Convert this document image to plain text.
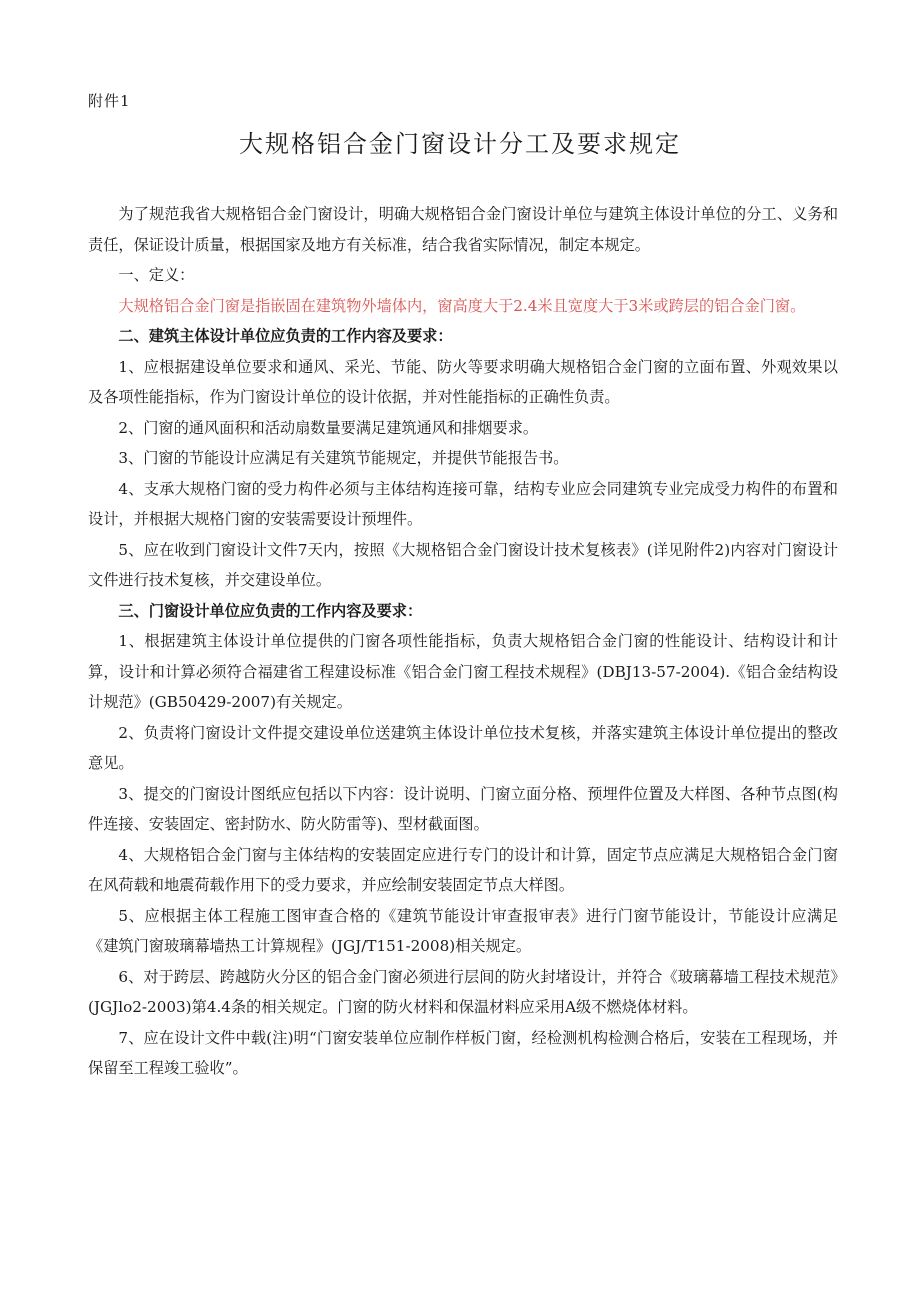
附件1
大规格铝合金门窗设计分工及要求规定

为了规范我省大规格铝合金门窗设计，明确大规格铝合金门窗设计单位与建筑主体设计单位的分工、义务和责任，保证设计质量，根据国家及地方有关标准，结合我省实际情况，制定本规定。

一、定义：

大规格铝合金门窗是指嵌固在建筑物外墙体内，窗高度大于2.4米且宽度大于3米或跨层的铝合金门窗。

二、建筑主体设计单位应负责的工作内容及要求：

1、应根据建设单位要求和通风、采光、节能、防火等要求明确大规格铝合金门窗的立面布置、外观效果以及各项性能指标，作为门窗设计单位的设计依据，并对性能指标的正确性负责。

2、门窗的通风面积和活动扇数量要满足建筑通风和排烟要求。

3、门窗的节能设计应满足有关建筑节能规定，并提供节能报告书。

4、支承大规格门窗的受力构件必须与主体结构连接可靠，结构专业应会同建筑专业完成受力构件的布置和设计，并根据大规格门窗的安装需要设计预埋件。

5、应在收到门窗设计文件7天内，按照《大规格铝合金门窗设计技术复核表》(详见附件2)内容对门窗设计文件进行技术复核，并交建设单位。

三、门窗设计单位应负责的工作内容及要求：

1、根据建筑主体设计单位提供的门窗各项性能指标，负责大规格铝合金门窗的性能设计、结构设计和计算，设计和计算必须符合福建省工程建设标准《铝合金门窗工程技术规程》(DBJ13-57-2004).《铝合金结构设计规范》(GB50429-2007)有关规定。

2、负责将门窗设计文件提交建设单位送建筑主体设计单位技术复核，并落实建筑主体设计单位提出的整改意见。

3、提交的门窗设计图纸应包括以下内容：设计说明、门窗立面分格、预埋件位置及大样图、各种节点图(构件连接、安装固定、密封防水、防火防雷等)、型材截面图。

4、大规格铝合金门窗与主体结构的安装固定应进行专门的设计和计算，固定节点应满足大规格铝合金门窗在风荷载和地震荷载作用下的受力要求，并应绘制安装固定节点大样图。

5、应根据主体工程施工图审查合格的《建筑节能设计审查报审表》进行门窗节能设计，节能设计应满足《建筑门窗玻璃幕墙热工计算规程》(JGJ/T151-2008)相关规定。

6、对于跨层、跨越防火分区的铝合金门窗必须进行层间的防火封堵设计，并符合《玻璃幕墙工程技术规范》(JGJlo2-2003)第4.4条的相关规定。门窗的防火材料和保温材料应采用A级不燃烧体材料。

7、应在设计文件中载(注)明“门窗安装单位应制作样板门窗，经检测机构检测合格后，安装在工程现场，并保留至工程竣工验收”。
